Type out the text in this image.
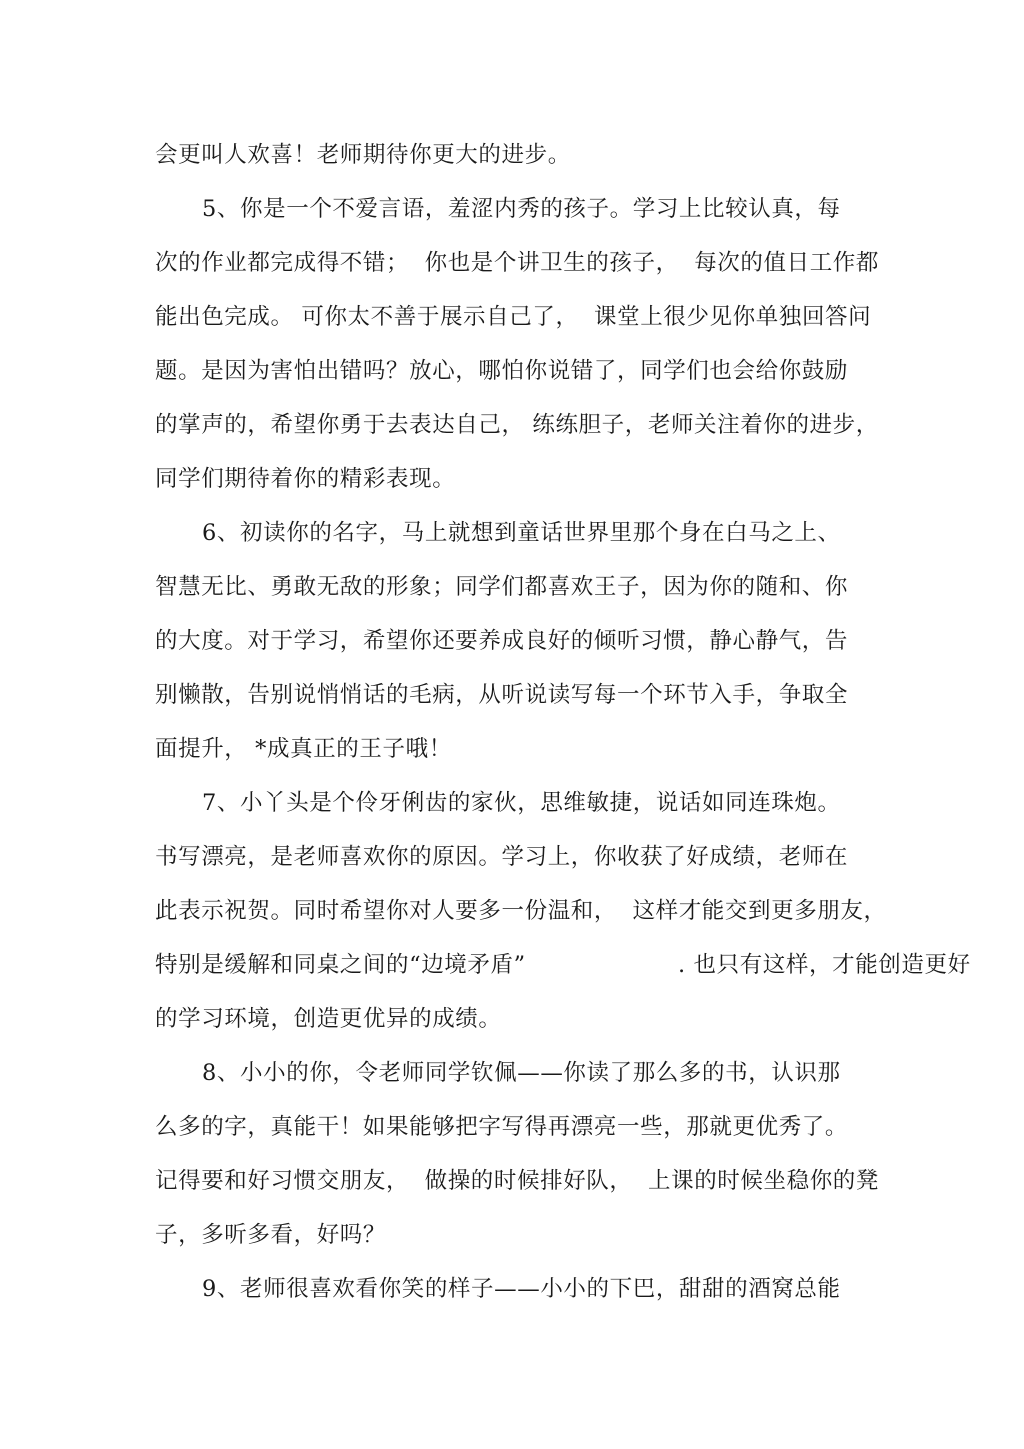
会更叫人欢喜！老师期待你更大的进步。
5、你是一个不爱言语，羞涩内秀的孩子。学习上比较认真，每
次的作业都完成得不错；  你也是个讲卫生的孩子，  每次的值日工作都
能出色完成。 可你太不善于展示自己了，  课堂上很少见你单独回答问
题。是因为害怕出错吗？放心，哪怕你说错了，同学们也会给你鼓励
的掌声的，希望你勇于去表达自己， 练练胆子，老师关注着你的进步，
同学们期待着你的精彩表现。
6、初读你的名字，马上就想到童话世界里那个身在白马之上、
智慧无比、勇敢无敌的形象；同学们都喜欢王子，因为你的随和、你
的大度。对于学习，希望你还要养成良好的倾听习惯，静心静气，告
别懒散，告别说悄悄话的毛病，从听说读写每一个环节入手，争取全
面提升， *成真正的王子哦！
7、小丫头是个伶牙俐齿的家伙，思维敏捷，说话如同连珠炮。
书写漂亮，是老师喜欢你的原因。学习上，你收获了好成绩，老师在
此表示祝贺。同时希望你对人要多一份温和，  这样才能交到更多朋友，
特别是缓解和同桌之间的“边境矛盾”	. 也只有这样，才能创造更好
的学习环境，创造更优异的成绩。
8、小小的你，令老师同学钦佩——你读了那么多的书，认识那
么多的字，真能干！如果能够把字写得再漂亮一些，那就更优秀了。
记得要和好习惯交朋友，  做操的时候排好队，  上课的时候坐稳你的凳
子，多听多看，好吗？
9、老师很喜欢看你笑的样子——小小的下巴，甜甜的酒窝总能
